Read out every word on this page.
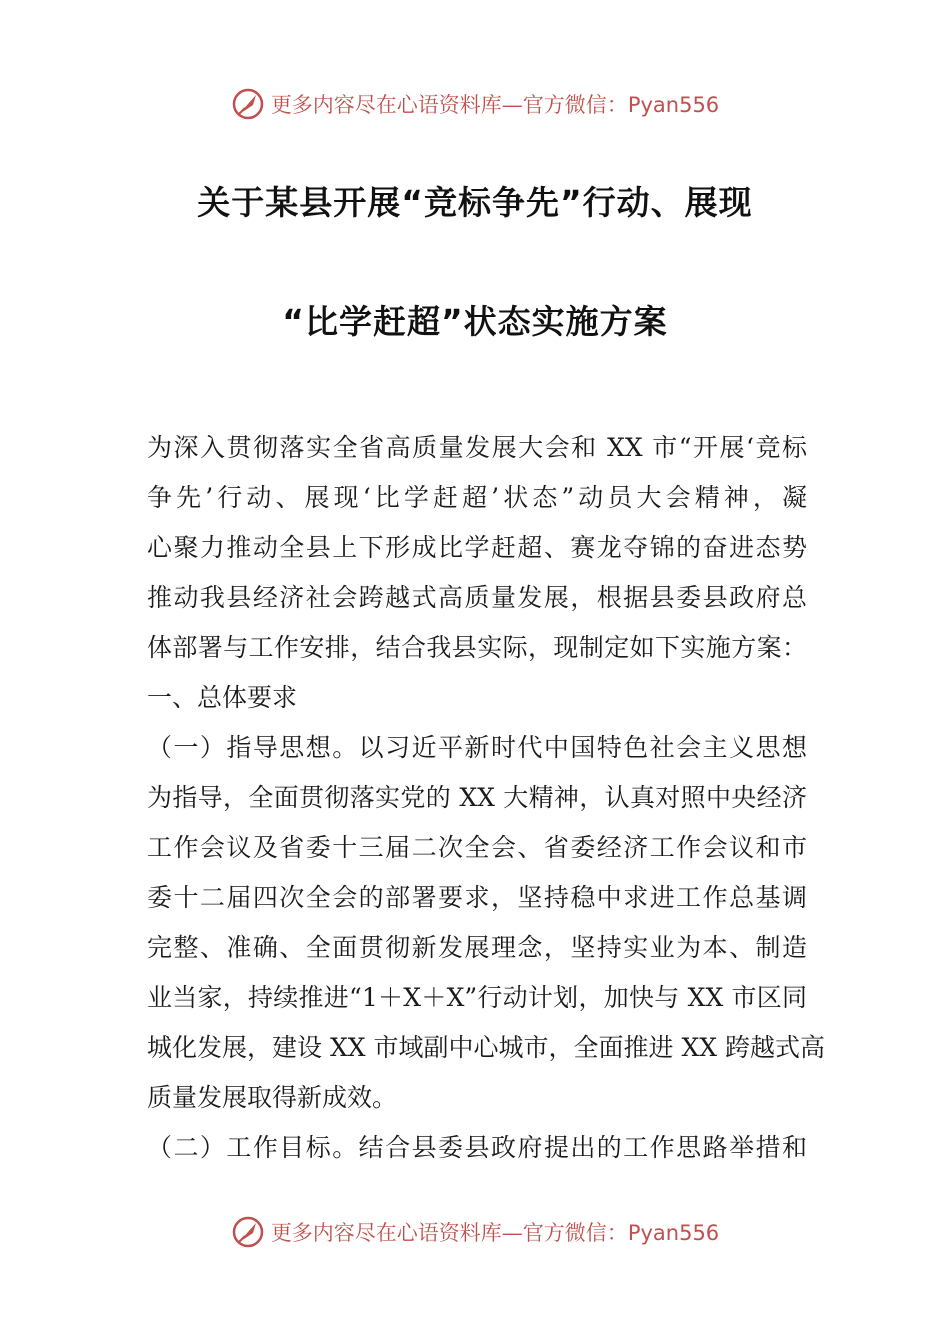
更多内容尽在心语资料库—官方微信：Pyan556
关于某县开展“竞标争先”行动、展现
“比学赶超”状态实施方案
为深入贯彻落实全省高质量发展大会和 XX 市“开展‘竞标
争先’行动、展现‘比学赶超’状态”动员大会精神，凝
心聚力推动全县上下形成比学赶超、赛龙夺锦的奋进态势
推动我县经济社会跨越式高质量发展，根据县委县政府总
体部署与工作安排，结合我县实际，现制定如下实施方案：
一、总体要求
（一）指导思想。以习近平新时代中国特色社会主义思想
为指导，全面贯彻落实党的 XX 大精神，认真对照中央经济
工作会议及省委十三届二次全会、省委经济工作会议和市
委十二届四次全会的部署要求，坚持稳中求进工作总基调
完整、准确、全面贯彻新发展理念，坚持实业为本、制造
业当家，持续推进“1＋X＋X”行动计划，加快与 XX 市区同
城化发展，建设 XX 市域副中心城市，全面推进 XX 跨越式高
质量发展取得新成效。
（二）工作目标。结合县委县政府提出的工作思路举措和
更多内容尽在心语资料库—官方微信：Pyan556
